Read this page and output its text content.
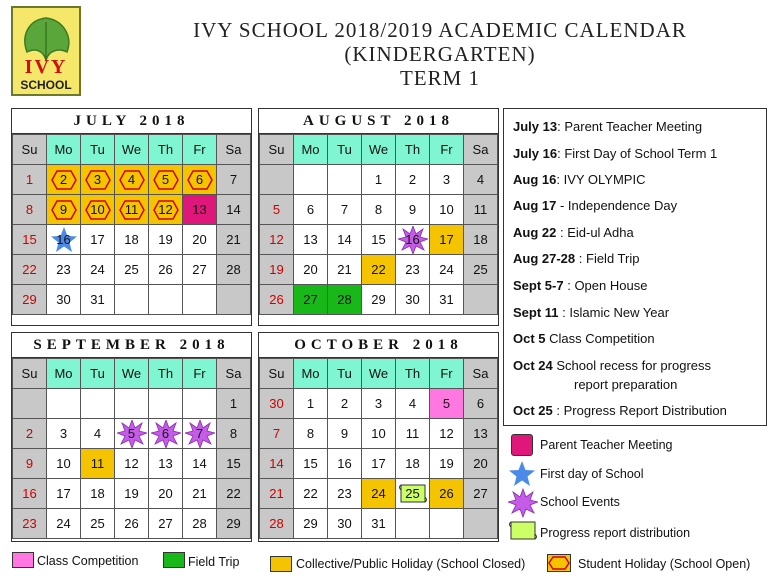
IVY
SCHOOL
IVY SCHOOL 2018/2019 ACADEMIC CALENDAR
(KINDERGARTEN)
TERM 1
JULY 2018
Su	Mo	Tu	We	Th	Fr	Sa
1	2	3	4	5	6	7
8	9	10	11	12	13	14
15	16	17	18	19	20	21
22	23	24	25	26	27	28
29	30	31				
AUGUST 2018
Su	Mo	Tu	We	Th	Fr	Sa
			1	2	3	4
5	6	7	8	9	10	11
12	13	14	15	16	17	18
19	20	21	22	23	24	25
26	27	28	29	30	31	
SEPTEMBER 2018
Su	Mo	Tu	We	Th	Fr	Sa
						1
2	3	4	5	6	7	8
9	10	11	12	13	14	15
16	17	18	19	20	21	22
23	24	25	26	27	28	29
OCTOBER 2018
Su	Mo	Tu	We	Th	Fr	Sa
30	1	2	3	4	5	6
7	8	9	10	11	12	13
14	15	16	17	18	19	20
21	22	23	24	25	26	27
28	29	30	31			
July 13: Parent Teacher Meeting
July 16: First Day of School Term 1
Aug 16: IVY OLYMPIC
Aug 17 - Independence Day
Aug 22 : Eid-ul Adha
Aug 27-28 : Field Trip
Sept 5-7 : Open House
Sept 11 : Islamic New Year
Oct 5 Class Competition
Oct 24 School recess for progress
report preparation
Oct 25 : Progress Report Distribution
Parent Teacher Meeting
First day of School
School Events
Progress report distribution
Class Competition	Field Trip	Collective/Public Holiday (School Closed)	Student Holiday (School Open)
